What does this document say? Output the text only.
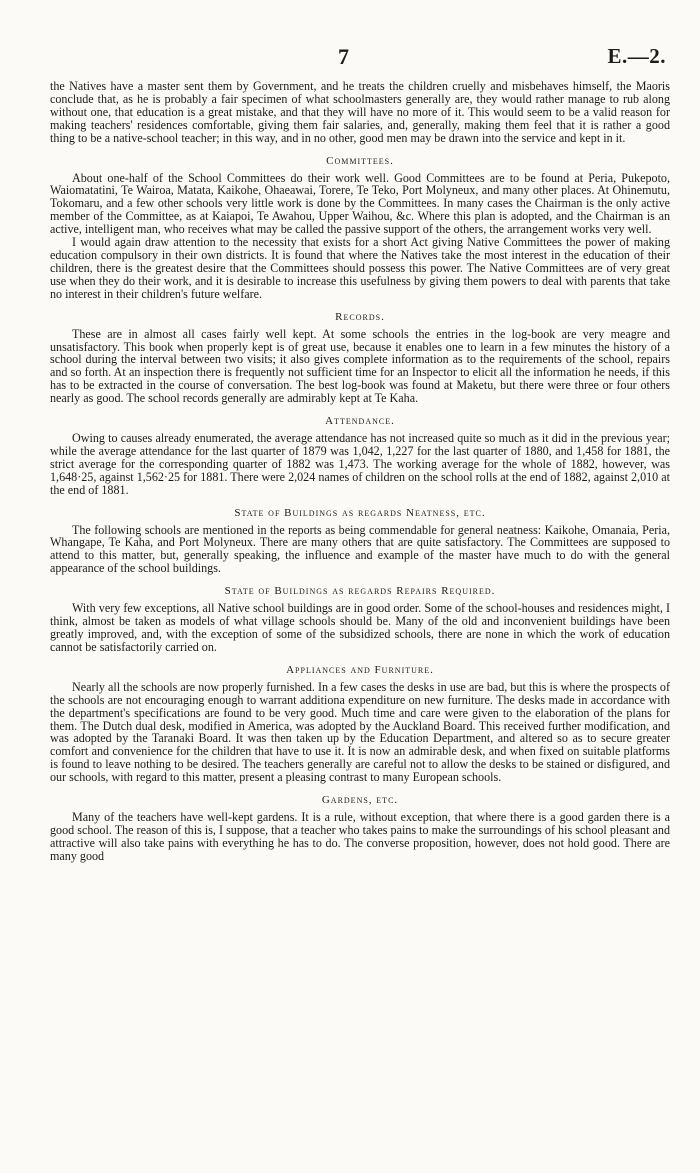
7	E.—2.

the Natives have a master sent them by Government, and he treats the children cruelly and misbehaves himself, the Maoris conclude that, as he is probably a fair specimen of what schoolmasters generally are, they would rather manage to rub along without one, that education is a great mistake, and that they will have no more of it. This would seem to be a valid reason for making teachers' residences comfortable, giving them fair salaries, and, generally, making them feel that it is rather a good thing to be a native-school teacher; in this way, and in no other, good men may be drawn into the service and kept in it.

Committees.

About one-half of the School Committees do their work well. Good Committees are to be found at Peria, Pukepoto, Waiomatatini, Te Wairoa, Matata, Kaikohe, Ohaeawai, Torere, Te Teko, Port Molyneux, and many other places. At Ohinemutu, Tokomaru, and a few other schools very little work is done by the Committees. In many cases the Chairman is the only active member of the Committee, as at Kaiapoi, Te Awahou, Upper Waihou, &c. Where this plan is adopted, and the Chairman is an active, intelligent man, who receives what may be called the passive support of the others, the arrangement works very well.

I would again draw attention to the necessity that exists for a short Act giving Native Committees the power of making education compulsory in their own districts. It is found that where the Natives take the most interest in the education of their children, there is the greatest desire that the Committees should possess this power. The Native Committees are of very great use when they do their work, and it is desirable to increase this usefulness by giving them powers to deal with parents that take no interest in their children's future welfare.

Records.

These are in almost all cases fairly well kept. At some schools the entries in the log-book are very meagre and unsatisfactory. This book when properly kept is of great use, because it enables one to learn in a few minutes the history of a school during the interval between two visits; it also gives complete information as to the requirements of the school, repairs and so forth. At an inspection there is frequently not sufficient time for an Inspector to elicit all the information he needs, if this has to be extracted in the course of conversation. The best log-book was found at Maketu, but there were three or four others nearly as good. The school records generally are admirably kept at Te Kaha.

Attendance.

Owing to causes already enumerated, the average attendance has not increased quite so much as it did in the previous year; while the average attendance for the last quarter of 1879 was 1,042, 1,227 for the last quarter of 1880, and 1,458 for 1881, the strict average for the corresponding quarter of 1882 was 1,473. The working average for the whole of 1882, however, was 1,648·25, against 1,562·25 for 1881. There were 2,024 names of children on the school rolls at the end of 1882, against 2,010 at the end of 1881.

State of Buildings as regards Neatness, etc.

The following schools are mentioned in the reports as being commendable for general neatness: Kaikohe, Omanaia, Peria, Whangape, Te Kaha, and Port Molyneux. There are many others that are quite satisfactory. The Committees are supposed to attend to this matter, but, generally speaking, the influence and example of the master have much to do with the general appearance of the school buildings.

State of Buildings as regards Repairs Required.

With very few exceptions, all Native school buildings are in good order. Some of the school-houses and residences might, I think, almost be taken as models of what village schools should be. Many of the old and inconvenient buildings have been greatly improved, and, with the exception of some of the subsidized schools, there are none in which the work of education cannot be satisfactorily carried on.

Appliances and Furniture.

Nearly all the schools are now properly furnished. In a few cases the desks in use are bad, but this is where the prospects of the schools are not encouraging enough to warrant additiona expenditure on new furniture. The desks made in accordance with the department's specifications are found to be very good. Much time and care were given to the elaboration of the plans for them. The Dutch dual desk, modified in America, was adopted by the Auckland Board. This received further modification, and was adopted by the Taranaki Board. It was then taken up by the Education Department, and altered so as to secure greater comfort and convenience for the children that have to use it. It is now an admirable desk, and when fixed on suitable platforms is found to leave nothing to be desired. The teachers generally are careful not to allow the desks to be stained or disfigured, and our schools, with regard to this matter, present a pleasing contrast to many European schools.

Gardens, etc.

Many of the teachers have well-kept gardens. It is a rule, without exception, that where there is a good garden there is a good school. The reason of this is, I suppose, that a teacher who takes pains to make the surroundings of his school pleasant and attractive will also take pains with everything he has to do. The converse proposition, however, does not hold good. There are many good
